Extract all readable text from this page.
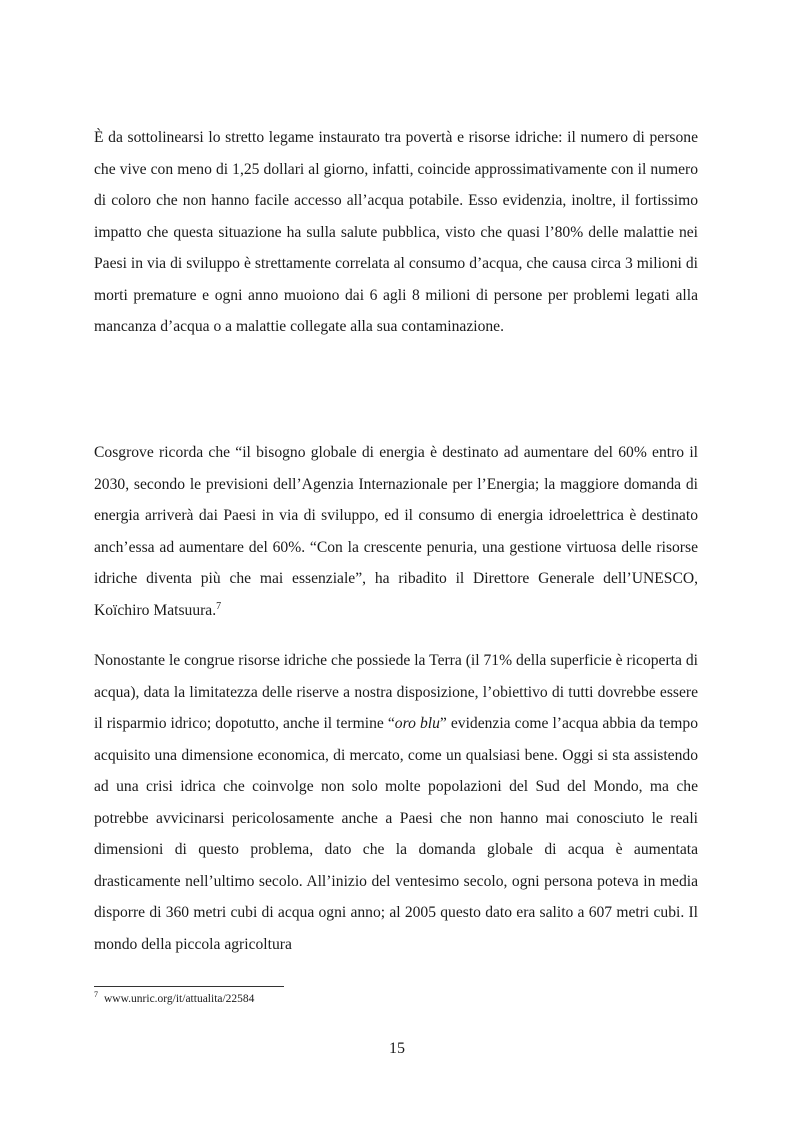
È da sottolinearsi lo stretto legame instaurato tra povertà e risorse idriche: il numero di persone che vive con meno di 1,25 dollari al giorno, infatti, coincide approssimativamente con il numero di coloro che non hanno facile accesso all’acqua potabile. Esso evidenzia, inoltre, il fortissimo impatto che questa situazione ha sulla salute pubblica, visto che quasi l’80% delle malattie nei Paesi in via di sviluppo è strettamente correlata al consumo d’acqua, che causa circa 3 milioni di morti premature e ogni anno muoiono dai 6 agli 8 milioni di persone per problemi legati alla mancanza d’acqua o a malattie collegate alla sua contaminazione.

Cosgrove ricorda che “il bisogno globale di energia è destinato ad aumentare del 60% entro il 2030, secondo le previsioni dell’Agenzia Internazionale per l’Energia; la maggiore domanda di energia arriverà dai Paesi in via di sviluppo, ed il consumo di energia idroelettrica è destinato anch’essa ad aumentare del 60%. “Con la crescente penuria, una gestione virtuosa delle risorse idriche diventa più che mai essenziale”, ha ribadito il Direttore Generale dell’UNESCO, Koïchiro Matsuura.$^7$

Nonostante le congrue risorse idriche che possiede la Terra (il 71% della superficie è ricoperta di acqua), data la limitatezza delle riserve a nostra disposizione, l’obiettivo di tutti dovrebbe essere il risparmio idrico; dopotutto, anche il termine “oro blu” evidenzia come l’acqua abbia da tempo acquisito una dimensione economica, di mercato, come un qualsiasi bene. Oggi si sta assistendo ad una crisi idrica che coinvolge non solo molte popolazioni del Sud del Mondo, ma che potrebbe avvicinarsi pericolosamente anche a Paesi che non hanno mai conosciuto le reali dimensioni di questo problema, dato che la domanda globale di acqua è aumentata drasticamente nell’ultimo secolo. All’inizio del ventesimo secolo, ogni persona poteva in media disporre di 360 metri cubi di acqua ogni anno; al 2005 questo dato era salito a 607 metri cubi. Il mondo della piccola agricoltura

$^7$ www.unric.org/it/attualita/22584
15
